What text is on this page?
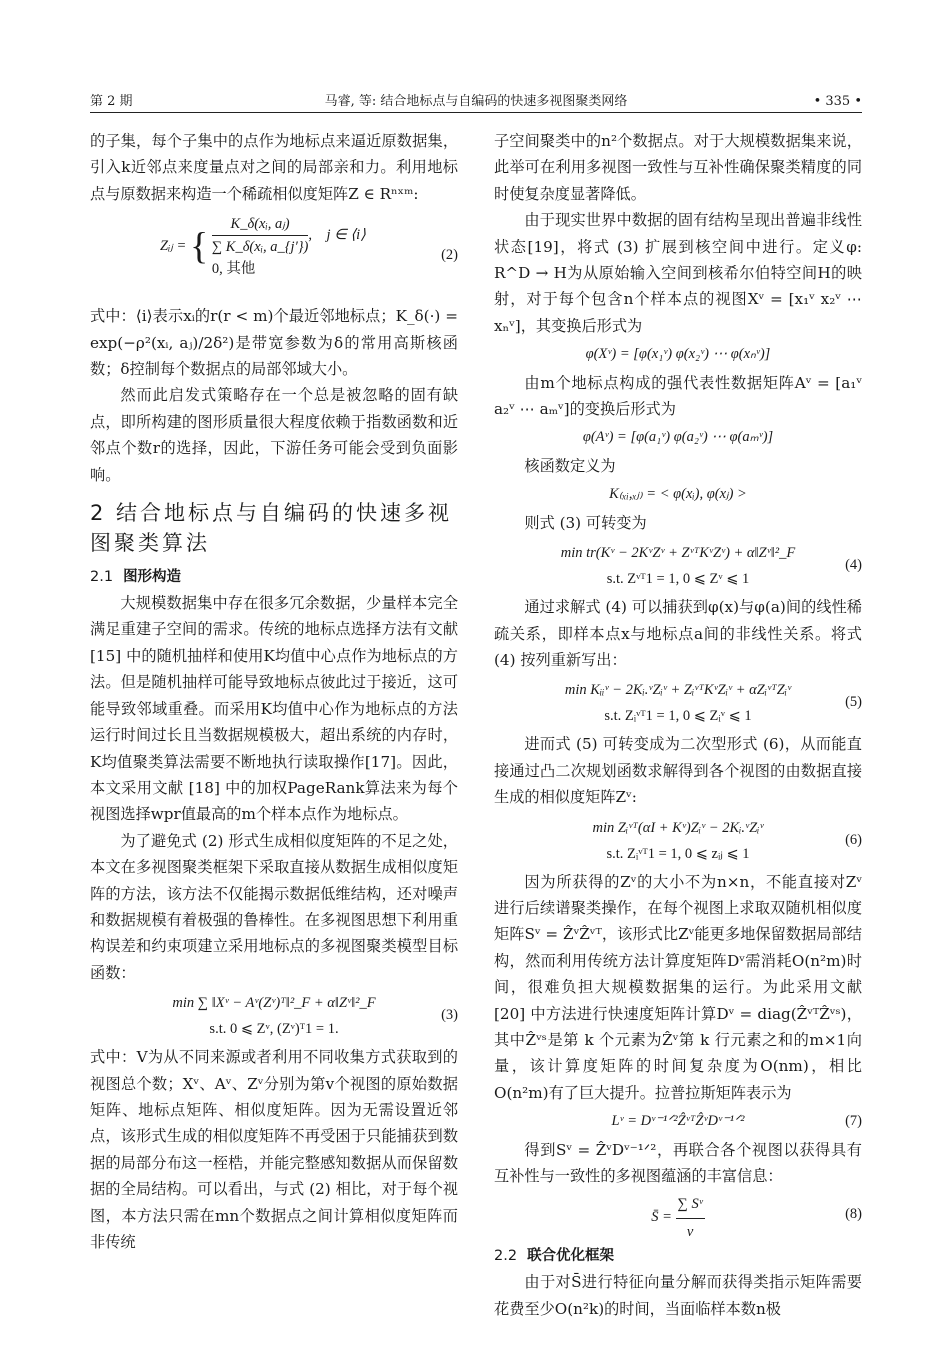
第 2 期	马睿, 等: 结合地标点与自编码的快速多视图聚类网络	• 335 •

的子集，每个子集中的点作为地标点来逼近原数据集，引入k近邻点来度量点对之间的局部亲和力。利用地标点与原数据来构造一个稀疏相似度矩阵Z ∈ Rⁿˣᵐ:

Zᵢⱼ = { $\frac{\text{K\_δ(xᵢ, aⱼ)}}{\text{∑ K\_δ(xᵢ, a\_\{j′\})}}$ ,    j ∈ ⟨i⟩
0, 其他
(2)

式中：⟨i⟩表示xᵢ的r(r < m)个最近邻地标点；K_δ(·) = exp(−ρ²(xᵢ, aⱼ)/2δ²)是带宽参数为δ的常用高斯核函数；δ控制每个数据点的局部邻域大小。

然而此启发式策略存在一个总是被忽略的固有缺点，即所构建的图形质量很大程度依赖于指数函数和近邻点个数r的选择，因此，下游任务可能会受到负面影响。

2 结合地标点与自编码的快速多视图聚类算法
2.1 图形构造

大规模数据集中存在很多冗余数据，少量样本完全满足重建子空间的需求。传统的地标点选择方法有文献 [15] 中的随机抽样和使用K均值中心点作为地标点的方法。但是随机抽样可能导致地标点彼此过于接近，这可能导致邻域重叠。而采用K均值中心作为地标点的方法运行时间过长且当数据规模极大，超出系统的内存时，K均值聚类算法需要不断地执行读取操作[17]。因此，本文采用文献 [18] 中的加权PageRank算法来为每个视图选择wpr值最高的m个样本点作为地标点。

为了避免式 (2) 形式生成相似度矩阵的不足之处，本文在多视图聚类框架下采取直接从数据生成相似度矩阵的方法，该方法不仅能揭示数据低维结构，还对噪声和数据规模有着极强的鲁棒性。在多视图思想下利用重构误差和约束项建立采用地标点的多视图聚类模型目标函数：

min ∑ ‖Xᵛ − Aᵛ(Zᵛ)ᵀ‖²_F + α‖Zᵛ‖²_F
s.t. 0 ⩽ Zᵛ, (Zᵛ)ᵀ1 = 1.
(3)

式中：V为从不同来源或者利用不同收集方式获取到的视图总个数；Xᵛ、Aᵛ、Zᵛ分别为第v个视图的原始数据矩阵、地标点矩阵、相似度矩阵。因为无需设置近邻点，该形式生成的相似度矩阵不再受困于只能捕获到数据的局部分布这一桎梏，并能完整感知数据从而保留数据的全局结构。可以看出，与式 (2) 相比，对于每个视图，本方法只需在mn个数据点之间计算相似度矩阵而非传统

子空间聚类中的n²个数据点。对于大规模数据集来说，此举可在利用多视图一致性与互补性确保聚类精度的同时使复杂度显著降低。

由于现实世界中数据的固有结构呈现出普遍非线性状态[19]，将式 (3) 扩展到核空间中进行。定义φ: R^D → H为从原始输入空间到核希尔伯特空间H的映射，对于每个包含n个样本点的视图Xᵛ = [x₁ᵛ x₂ᵛ ⋯ xₙᵛ]，其变换后形式为

φ(Xᵛ) = [φ(x₁ᵛ) φ(x₂ᵛ) ⋯ φ(xₙᵛ)]

由m个地标点构成的强代表性数据矩阵Aᵛ = [a₁ᵛ a₂ᵛ ⋯ aₘᵛ]的变换后形式为

φ(Aᵛ) = [φ(a₁ᵛ) φ(a₂ᵛ) ⋯ φ(aₘᵛ)]

核函数定义为

K₍ₓᵢ,ₓⱼ₎ = < φ(xᵢ), φ(xⱼ) >

则式 (3) 可转变为

min tr(Kᵛ − 2KᵛZᵛ + ZᵛᵀKᵛZᵛ) + α‖Zᵛ‖²_F
s.t. Zᵛᵀ1 = 1, 0 ⩽ Zᵛ ⩽ 1
(4)

通过求解式 (4) 可以捕获到φ(x)与φ(a)间的线性稀疏关系，即样本点x与地标点a间的非线性关系。将式 (4) 按列重新写出：

min Kᵢᵢᵛ − 2Kᵢ.ᵛZᵢᵛ + ZᵢᵛᵀKᵛZᵢᵛ + αZᵢᵛᵀZᵢᵛ
s.t. Zᵢᵛᵀ1 = 1, 0 ⩽ Zᵢᵛ ⩽ 1
(5)

进而式 (5) 可转变成为二次型形式 (6)，从而能直接通过凸二次规划函数求解得到各个视图的由数据直接生成的相似度矩阵Zᵛ:

min Zᵢᵛᵀ(αI + Kᵛ)Zᵢᵛ − 2Kᵢ.ᵛZᵢᵛ
s.t. Zᵢᵛᵀ1 = 1, 0 ⩽ zᵢⱼ ⩽ 1
(6)

因为所获得的Zᵛ的大小不为n×n，不能直接对Zᵛ进行后续谱聚类操作，在每个视图上求取双随机相似度矩阵Sᵛ = ẐᵛẐᵛᵀ，该形式比Zᵛ能更多地保留数据局部结构，然而利用传统方法计算度矩阵Dᵛ需消耗O(n²m)时间，很难负担大规模数据集的运行。为此采用文献 [20] 中方法进行快速度矩阵计算Dᵛ = diag(ẐᵛᵀẐᵛˢ)，其中Ẑᵛˢ是第 k 个元素为Ẑᵛ第 k 行元素之和的m×1向量，该计算度矩阵的时间复杂度为O(nm)，相比O(n²m)有了巨大提升。拉普拉斯矩阵表示为

Lᵛ = Dᵛ⁻¹ᐟ²ẐᵛᵀẐᵛDᵛ⁻¹ᐟ²	(7)

得到Sᵛ = ẐᵛDᵛ⁻¹ᐟ²，再联合各个视图以获得具有互补性与一致性的多视图蕴涵的丰富信息：

S̄ = $\frac{\text{∑ Sᵛ}}{v}$	(8)
2.2 联合优化框架

由于对S̄进行特征向量分解而获得类指示矩阵需要花费至少O(n²k)的时间，当面临样本数n极
